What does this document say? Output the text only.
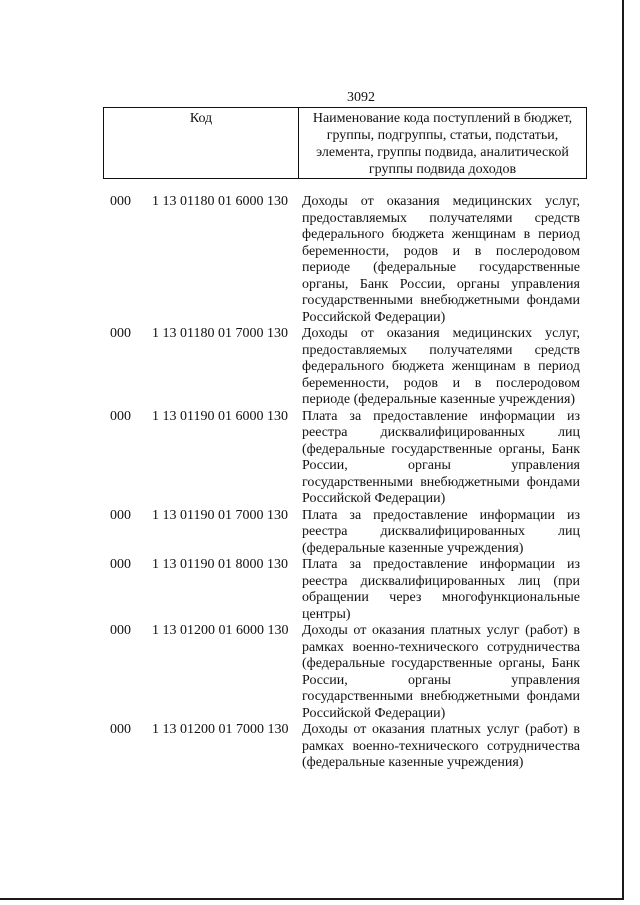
3092
Код	Наименование кода поступлений в бюджет, группы, подгруппы, статьи, подстатьи, элемента, группы подвида, аналитической группы подвида доходов
000	1 13 01180 01 6000 130	Доходы от оказания медицинских услуг, предоставляемых получателями средств федерального бюджета женщинам в период беременности, родов и в послеродовом периоде (федеральные государственные органы, Банк России, органы управления государственными внебюджетными фондами Российской Федерации)
000	1 13 01180 01 7000 130	Доходы от оказания медицинских услуг, предоставляемых получателями средств федерального бюджета женщинам в период беременности, родов и в послеродовом периоде (федеральные казенные учреждения)
000	1 13 01190 01 6000 130	Плата за предоставление информации из реестра дисквалифицированных лиц (федеральные государственные органы, Банк России, органы управления государственными внебюджетными фондами Российской Федерации)
000	1 13 01190 01 7000 130	Плата за предоставление информации из реестра дисквалифицированных лиц (федеральные казенные учреждения)
000	1 13 01190 01 8000 130	Плата за предоставление информации из реестра дисквалифицированных лиц (при обращении через многофункциональные центры)
000	1 13 01200 01 6000 130 Доходы от оказания платных услуг (работ) в рамках военно-технического сотрудничества (федеральные государственные органы, Банк России, органы управления государственными внебюджетными фондами Российской Федерации)
000	1 13 01200 01 7000 130 Доходы от оказания платных услуг (работ) в рамках военно-технического сотрудничества (федеральные казенные учреждения)
